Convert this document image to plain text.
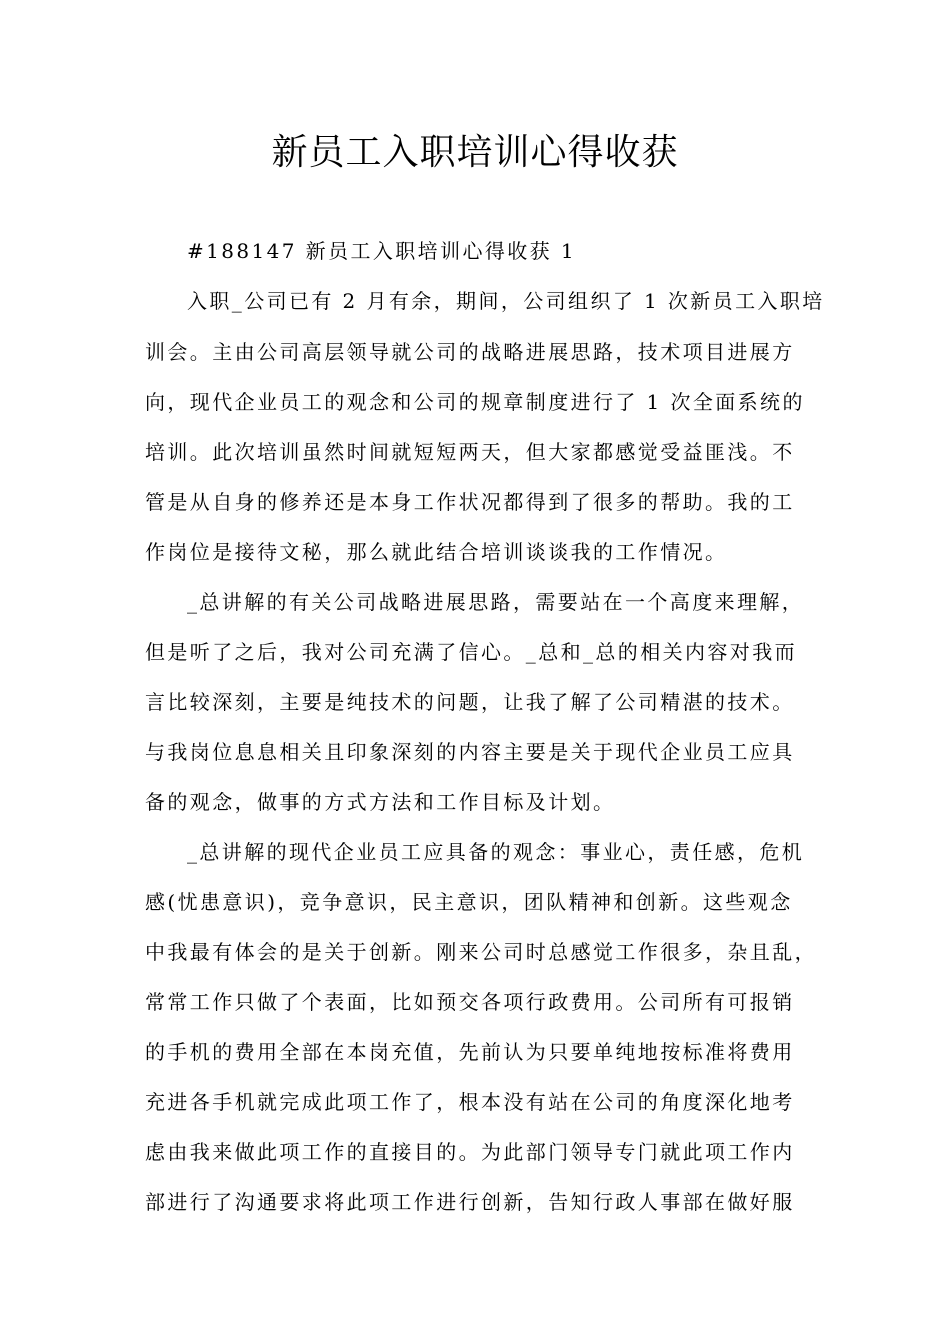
新员工入职培训心得收获
#188147 新员工入职培训心得收获 1
入职_公司已有 2 月有余，期间，公司组织了 1 次新员工入职培
训会。主由公司高层领导就公司的战略进展思路，技术项目进展方
向，现代企业员工的观念和公司的规章制度进行了 1 次全面系统的
培训。此次培训虽然时间就短短两天，但大家都感觉受益匪浅。不
管是从自身的修养还是本身工作状况都得到了很多的帮助。我的工
作岗位是接待文秘，那么就此结合培训谈谈我的工作情况。
_总讲解的有关公司战略进展思路，需要站在一个高度来理解，
但是听了之后，我对公司充满了信心。_总和_总的相关内容对我而
言比较深刻，主要是纯技术的问题，让我了解了公司精湛的技术。
与我岗位息息相关且印象深刻的内容主要是关于现代企业员工应具
备的观念，做事的方式方法和工作目标及计划。
_总讲解的现代企业员工应具备的观念：事业心，责任感，危机
感(忧患意识)，竞争意识，民主意识，团队精神和创新。这些观念
中我最有体会的是关于创新。刚来公司时总感觉工作很多，杂且乱，
常常工作只做了个表面，比如预交各项行政费用。公司所有可报销
的手机的费用全部在本岗充值，先前认为只要单纯地按标准将费用
充进各手机就完成此项工作了，根本没有站在公司的角度深化地考
虑由我来做此项工作的直接目的。为此部门领导专门就此项工作内
部进行了沟通要求将此项工作进行创新，告知行政人事部在做好服
